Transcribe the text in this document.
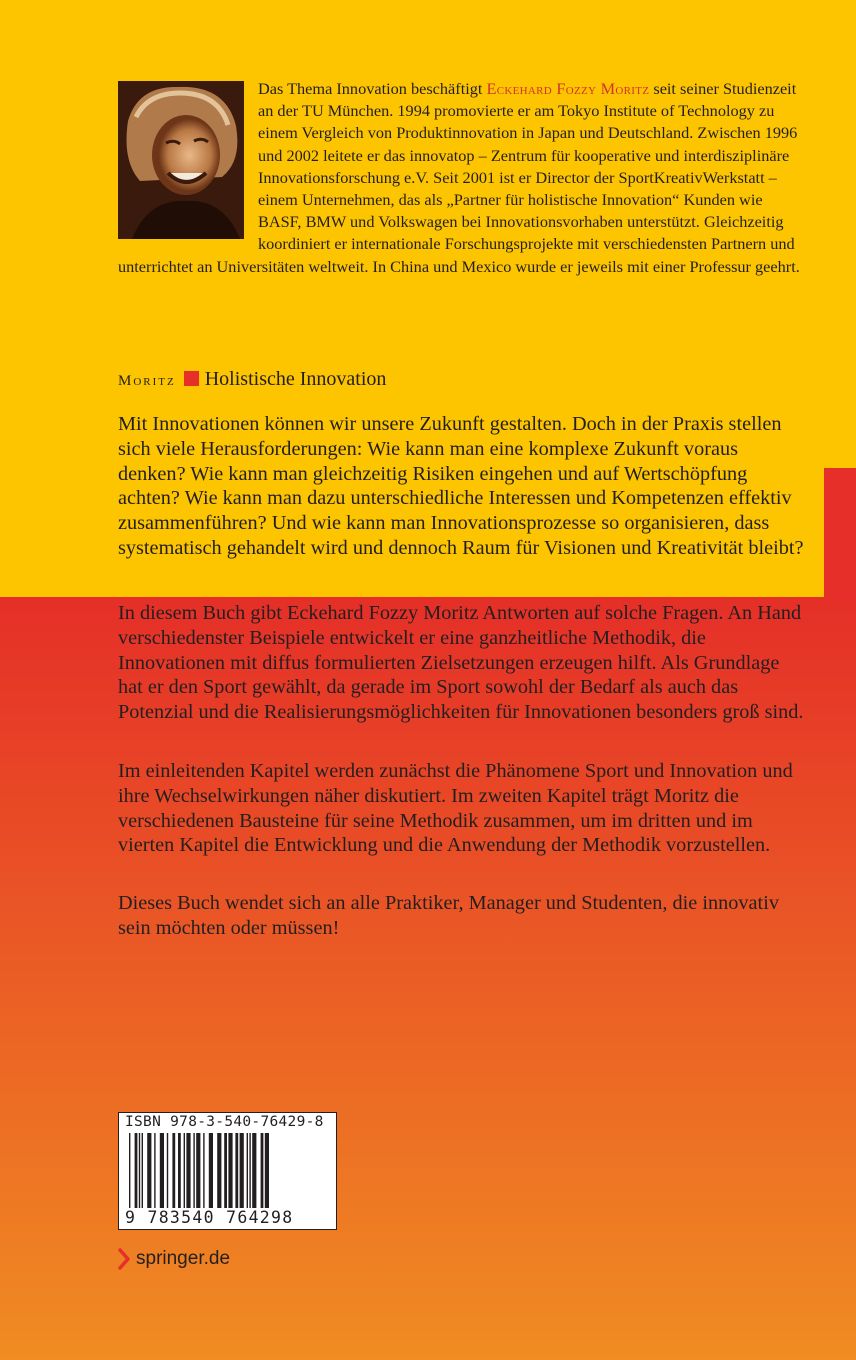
Das Thema Innovation beschäftigt Eckehard Fozzy Moritz seit seiner Studienzeit an der TU München. 1994 promovierte er am Tokyo Institute of Technology zu einem Vergleich von Produktinnovation in Japan und Deutschland. Zwischen 1996 und 2002 leitete er das innovatop – Zentrum für kooperative und interdisziplinäre Innovationsforschung e.V. Seit 2001 ist er Director der SportKreativWerkstatt – einem Unternehmen, das als „Partner für holistische Innovation“ Kunden wie BASF, BMW und Volkswagen bei Innovationsvorhaben unterstützt. Gleichzeitig koordiniert er internationale Forschungsprojekte mit verschiedensten Partnern und unterrichtet an Universitäten weltweit. In China und Mexico wurde er jeweils mit einer Professur geehrt.

Moritz Holistische Innovation

Mit Innovationen können wir unsere Zukunft gestalten. Doch in der Praxis stellen sich viele Herausforderungen: Wie kann man eine komplexe Zukunft voraus denken? Wie kann man gleichzeitig Risiken eingehen und auf Wertschöpfung achten? Wie kann man dazu unterschiedliche Interessen und Kompetenzen effektiv zusammenführen? Und wie kann man Innovationsprozesse so organisieren, dass systematisch gehandelt wird und dennoch Raum für Visionen und Kreativität bleibt?

In diesem Buch gibt Eckehard Fozzy Moritz Antworten auf solche Fragen. An Hand verschiedenster Beispiele entwickelt er eine ganzheitliche Methodik, die Innovationen mit diffus formulierten Zielsetzungen erzeugen hilft. Als Grundlage hat er den Sport gewählt, da gerade im Sport sowohl der Bedarf als auch das Potenzial und die Realisierungsmöglichkeiten für Innovationen besonders groß sind.

Im einleitenden Kapitel werden zunächst die Phänomene Sport und Innovation und ihre Wechselwirkungen näher diskutiert. Im zweiten Kapitel trägt Moritz die verschiedenen Bausteine für seine Methodik zusammen, um im dritten und im vierten Kapitel die Entwicklung und die Anwendung der Methodik vorzustellen.

Dieses Buch wendet sich an alle Praktiker, Manager und Studenten, die innovativ sein möchten oder müssen!

ISBN 978-3-540-76429-8
9 783540 764298
springer.de
